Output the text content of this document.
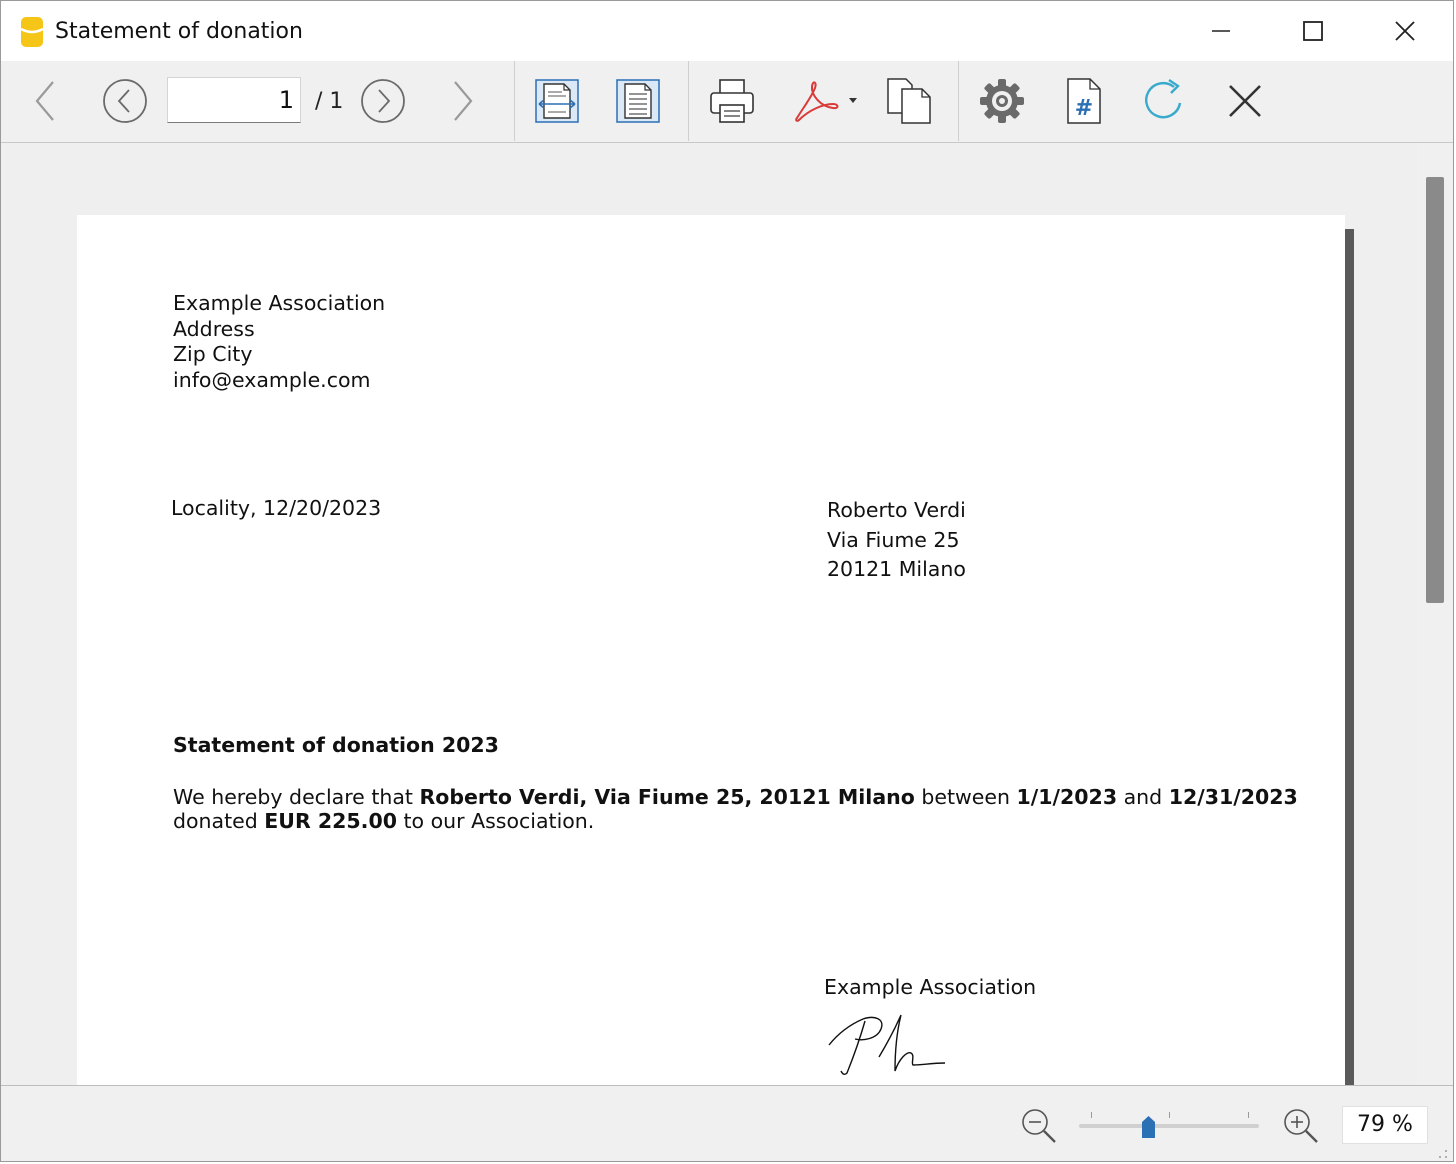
Statement of donation
1 / 1	#
Example Association
Address
Zip City
info@example.com
Locality, 12/20/2023	Roberto Verdi
Via Fiume 25
20121 Milano
Statement of donation 2023
We hereby declare that Roberto Verdi, Via Fiume 25, 20121 Milano between 1/1/2023 and 12/31/2023
donated EUR 225.00 to our Association.
Example Association
79 %
